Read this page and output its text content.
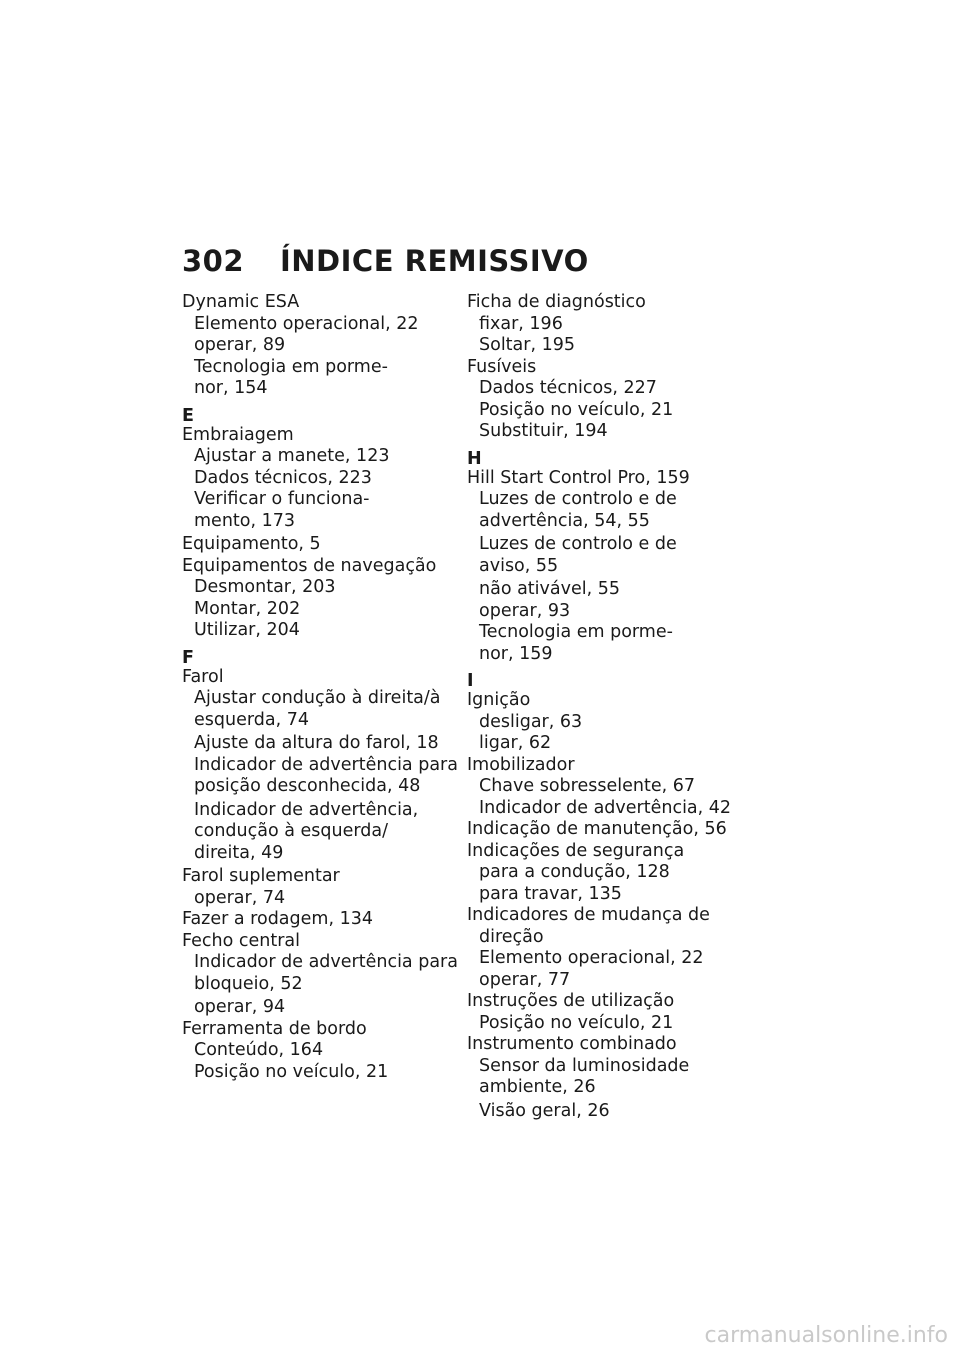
302 ÍNDICE REMISSIVO
Dynamic ESA
Elemento operacional, 22
operar, 89
Tecnologia em porme-
nor, 154
E
Embraiagem
Ajustar a manete, 123
Dados técnicos, 223
Verificar o funciona-
mento, 173
Equipamento, 5
Equipamentos de navegação
Desmontar, 203
Montar, 202
Utilizar, 204
F
Farol
Ajustar condução à direita/à
esquerda, 74
Ajuste da altura do farol, 18
Indicador de advertência para
posição desconhecida, 48
Indicador de advertência,
condução à esquerda/
direita, 49
Farol suplementar
operar, 74
Fazer a rodagem, 134
Fecho central
Indicador de advertência para
bloqueio, 52
operar, 94
Ferramenta de bordo
Conteúdo, 164
Posição no veículo, 21
Ficha de diagnóstico
fixar, 196
Soltar, 195
Fusíveis
Dados técnicos, 227
Posição no veículo, 21
Substituir, 194
H
Hill Start Control Pro, 159
Luzes de controlo e de
advertência, 54, 55
Luzes de controlo e de
aviso, 55
não ativável, 55
operar, 93
Tecnologia em porme-
nor, 159
I
Ignição
desligar, 63
ligar, 62
Imobilizador
Chave sobresselente, 67
Indicador de advertência, 42
Indicação de manutenção, 56
Indicações de segurança
para a condução, 128
para travar, 135
Indicadores de mudança de
direção
Elemento operacional, 22
operar, 77
Instruções de utilização
Posição no veículo, 21
Instrumento combinado
Sensor da luminosidade
ambiente, 26
Visão geral, 26
carmanualsonline.info
